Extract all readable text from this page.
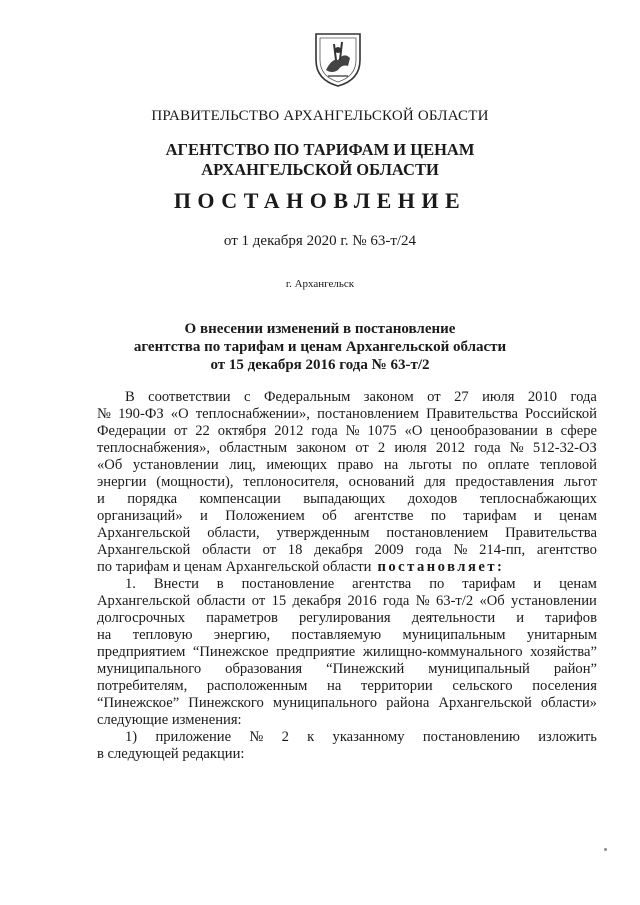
ПРАВИТЕЛЬСТВО АРХАНГЕЛЬСКОЙ ОБЛАСТИ
АГЕНТСТВО ПО ТАРИФАМ И ЦЕНАМ
АРХАНГЕЛЬСКОЙ ОБЛАСТИ
ПОСТАНОВЛЕНИЕ
от 1 декабря 2020 г. № 63-т/24
г. Архангельск
О внесении изменений в постановление
агентства по тарифам и ценам Архангельской области
от 15 декабря 2016 года № 63-т/2
В соответствии с Федеральным законом от 27 июля 2010 года
№ 190-ФЗ «О теплоснабжении», постановлением Правительства Российской
Федерации от 22 октября 2012 года № 1075 «О ценообразовании в сфере
теплоснабжения», областным законом от 2 июля 2012 года № 512-32-ОЗ
«Об установлении лиц, имеющих право на льготы по оплате тепловой
энергии (мощности), теплоносителя, оснований для предоставления льгот
и порядка компенсации выпадающих доходов теплоснабжающих
организаций» и Положением об агентстве по тарифам и ценам
Архангельской области, утвержденным постановлением Правительства
Архангельской области от 18 декабря 2009 года № 214-пп, агентство
по тарифам и ценам Архангельской области постановляет:
1. Внести в постановление агентства по тарифам и ценам
Архангельской области от 15 декабря 2016 года № 63-т/2 «Об установлении
долгосрочных параметров регулирования деятельности и тарифов
на тепловую энергию, поставляемую муниципальным унитарным
предприятием “Пинежское предприятие жилищно-коммунального хозяйства”
муниципального образования “Пинежский муниципальный район”
потребителям, расположенным на территории сельского поселения
“Пинежское” Пинежского муниципального района Архангельской области»
следующие изменения:
1) приложение № 2 к указанному постановлению изложить
в следующей редакции:
